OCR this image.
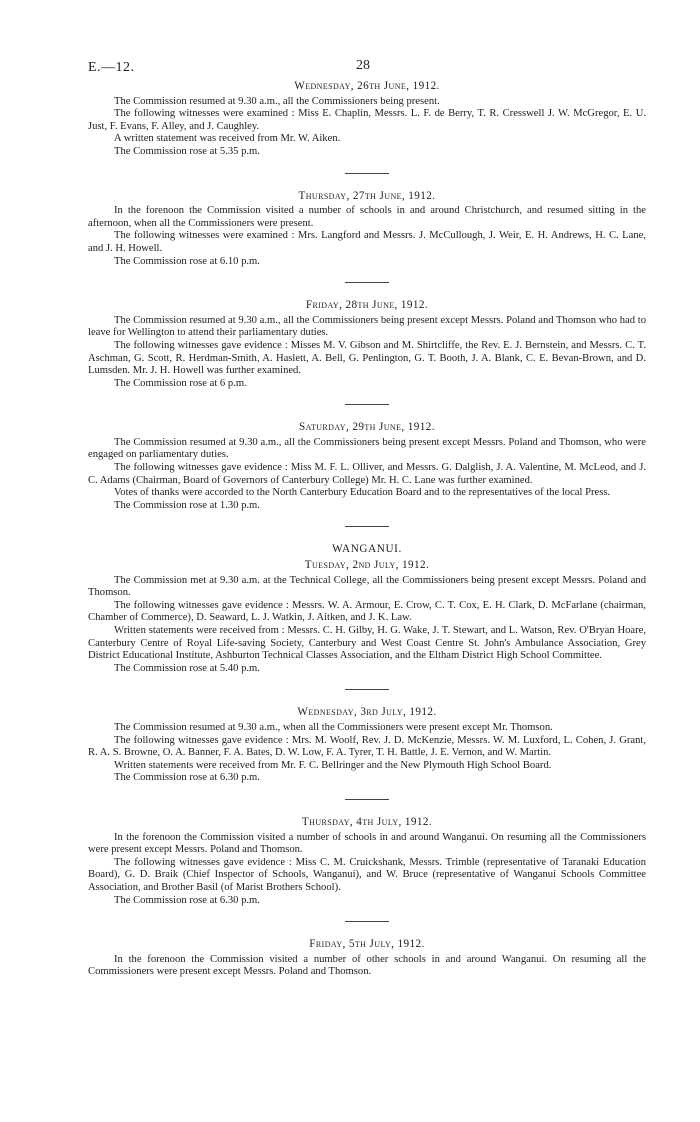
E.—12.	28
Wednesday, 26th June, 1912.

The Commission resumed at 9.30 a.m., all the Commissioners being present.

The following witnesses were examined : Miss E. Chaplin, Messrs. L. F. de Berry, T. R. Cresswell J. W. McGregor, E. U. Just, F. Evans, F. Alley, and J. Caughley.

A written statement was received from Mr. W. Aiken.

The Commission rose at 5.35 p.m.

Thursday, 27th June, 1912.

In the forenoon the Commission visited a number of schools in and around Christchurch, and resumed sitting in the afternoon, when all the Commissioners were present.

The following witnesses were examined : Mrs. Langford and Messrs. J. McCullough, J. Weir, E. H. Andrews, H. C. Lane, and J. H. Howell.

The Commission rose at 6.10 p.m.

Friday, 28th June, 1912.

The Commission resumed at 9.30 a.m., all the Commissioners being present except Messrs. Poland and Thomson who had to leave for Wellington to attend their parliamentary duties.

The following witnesses gave evidence : Misses M. V. Gibson and M. Shirtcliffe, the Rev. E. J. Bernstein, and Messrs. C. T. Aschman, G. Scott, R. Herdman-Smith, A. Haslett, A. Bell, G. Penlington, G. T. Booth, J. A. Blank, C. E. Bevan-Brown, and D. Lumsden. Mr. J. H. Howell was further examined.

The Commission rose at 6 p.m.

Saturday, 29th June, 1912.

The Commission resumed at 9.30 a.m., all the Commissioners being present except Messrs. Poland and Thomson, who were engaged on parliamentary duties.

The following witnesses gave evidence : Miss M. F. L. Olliver, and Messrs. G. Dalglish, J. A. Valentine, M. McLeod, and J. C. Adams (Chairman, Board of Governors of Canterbury College) Mr. H. C. Lane was further examined.

Votes of thanks were accorded to the North Canterbury Education Board and to the representatives of the local Press.

The Commission rose at 1.30 p.m.

WANGANUI.
Tuesday, 2nd July, 1912.

The Commission met at 9.30 a.m. at the Technical College, all the Commissioners being present except Messrs. Poland and Thomson.

The following witnesses gave evidence : Messrs. W. A. Armour, E. Crow, C. T. Cox, E. H. Clark, D. McFarlane (chairman, Chamber of Commerce), D. Seaward, L. J. Watkin, J. Aitken, and J. K. Law.

Written statements were received from : Messrs. C. H. Gilby, H. G. Wake, J. T. Stewart, and L. Watson, Rev. O'Bryan Hoare, Canterbury Centre of Royal Life-saving Society, Canterbury and West Coast Centre St. John's Ambulance Association, Grey District Educational Institute, Ashburton Technical Classes Association, and the Eltham District High School Committee.

The Commission rose at 5.40 p.m.

Wednesday, 3rd July, 1912.

The Commission resumed at 9.30 a.m., when all the Commissioners were present except Mr. Thomson.

The following witnesses gave evidence : Mrs. M. Woolf, Rev. J. D. McKenzie, Messrs. W. M. Luxford, L. Cohen, J. Grant, R. A. S. Browne, O. A. Banner, F. A. Bates, D. W. Low, F. A. Tyrer, T. H. Battle, J. E. Vernon, and W. Martin.

Written statements were received from Mr. F. C. Bellringer and the New Plymouth High School Board.

The Commission rose at 6.30 p.m.

Thursday, 4th July, 1912.

In the forenoon the Commission visited a number of schools in and around Wanganui. On resuming all the Commissioners were present except Messrs. Poland and Thomson.

The following witnesses gave evidence : Miss C. M. Cruickshank, Messrs. Trimble (representative of Taranaki Education Board), G. D. Braik (Chief Inspector of Schools, Wanganui), and W. Bruce (representative of Wanganui Schools Committee Association, and Brother Basil (of Marist Brothers School).

The Commission rose at 6.30 p.m.

Friday, 5th July, 1912.

In the forenoon the Commission visited a number of other schools in and around Wanganui. On resuming all the Commissioners were present except Messrs. Poland and Thomson.
